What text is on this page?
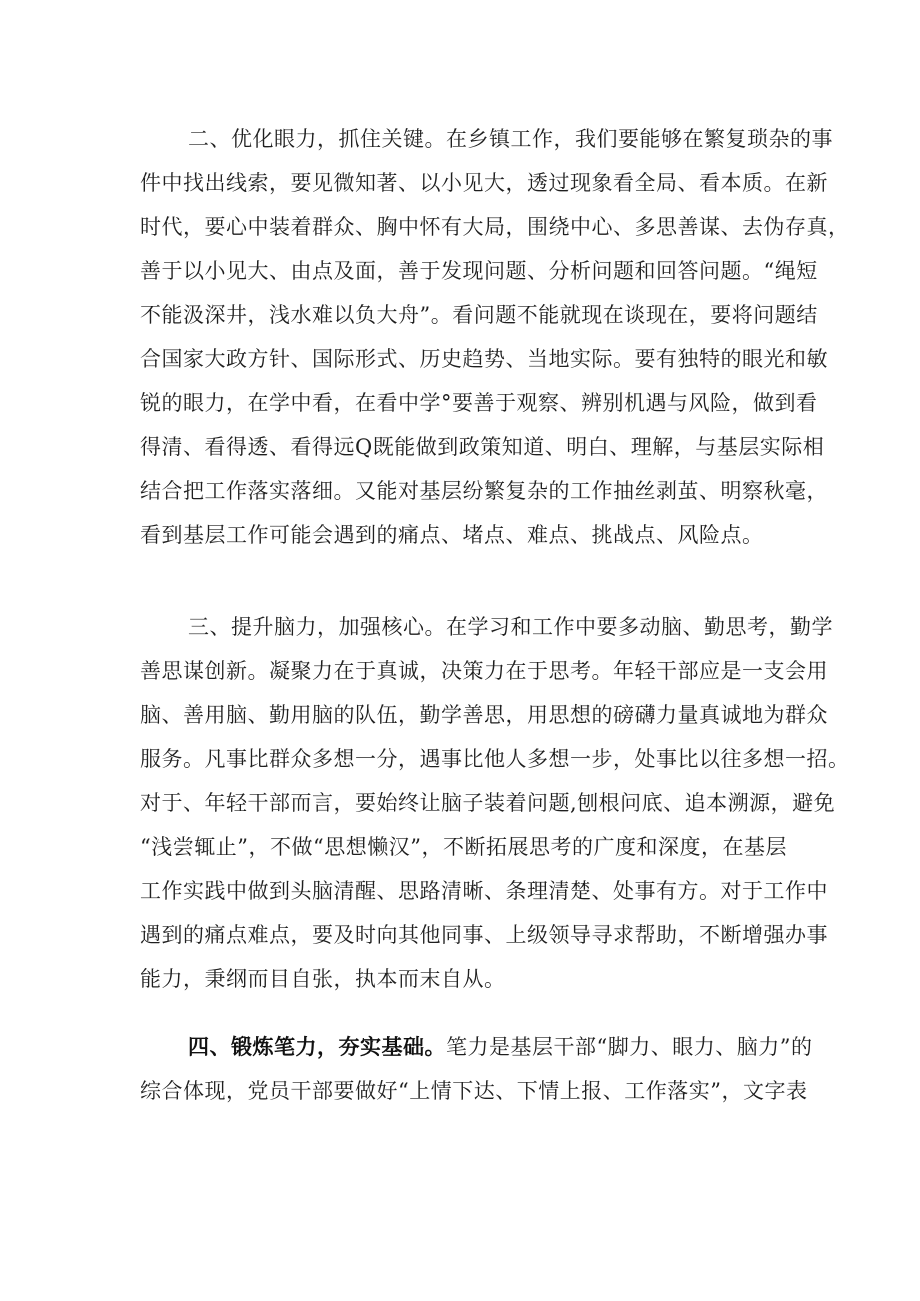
二、优化眼力，抓住关键。在乡镇工作，我们要能够在繁复琐杂的事

件中找出线索，要见微知著、以小见大，透过现象看全局、看本质。在新

时代，要心中装着群众、胸中怀有大局，围绕中心、多思善谋、去伪存真，

善于以小见大、由点及面，善于发现问题、分析问题和回答问题。“绳短

不能汲深井，浅水难以负大舟”。看问题不能就现在谈现在，要将问题结

合国家大政方针、国际形式、历史趋势、当地实际。要有独特的眼光和敏

锐的眼力，在学中看，在看中学°要善于观察、辨别机遇与风险，做到看

得清、看得透、看得远Q既能做到政策知道、明白、理解，与基层实际相

结合把工作落实落细。又能对基层纷繁复杂的工作抽丝剥茧、明察秋毫，

看到基层工作可能会遇到的痛点、堵点、难点、挑战点、风险点。

三、提升脑力，加强核心。在学习和工作中要多动脑、勤思考，勤学

善思谋创新。凝聚力在于真诚，决策力在于思考。年轻干部应是一支会用

脑、善用脑、勤用脑的队伍，勤学善思，用思想的磅礴力量真诚地为群众

服务。凡事比群众多想一分，遇事比他人多想一步，处事比以往多想一招。

对于、年轻干部而言，要始终让脑子装着问题,刨根问底、追本溯源，避免

“浅尝辄止”，不做“思想懒汉”，不断拓展思考的广度和深度，在基层

工作实践中做到头脑清醒、思路清晰、条理清楚、处事有方。对于工作中

遇到的痛点难点，要及时向其他同事、上级领导寻求帮助，不断增强办事

能力，秉纲而目自张，执本而末自从。

四、锻炼笔力，夯实基础。笔力是基层干部“脚力、眼力、脑力”的

综合体现，党员干部要做好“上情下达、下情上报、工作落实”，文字表
